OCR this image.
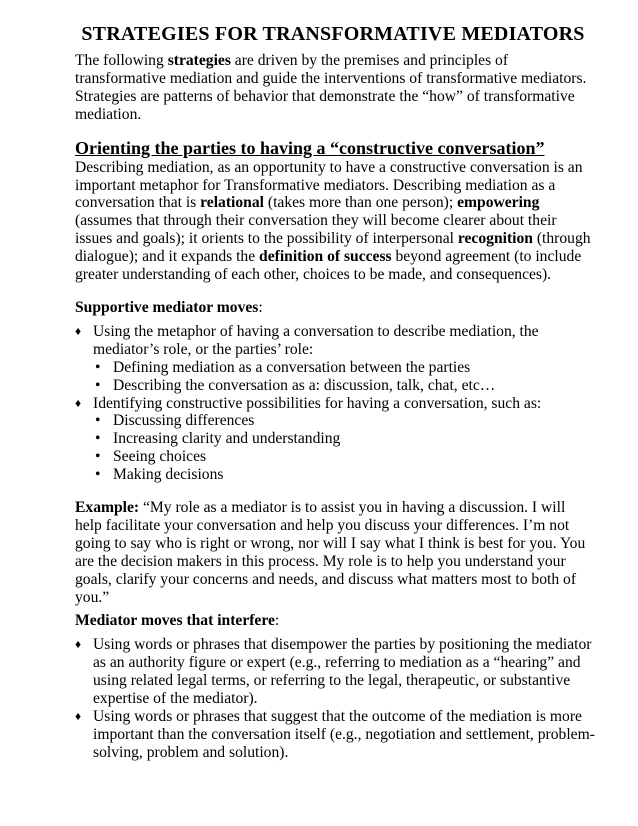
STRATEGIES FOR TRANSFORMATIVE MEDIATORS

The following strategies are driven by the premises and principles of transformative mediation and guide the interventions of transformative mediators. Strategies are patterns of behavior that demonstrate the “how” of transformative mediation.

Orienting the parties to having a “constructive conversation”

Describing mediation, as an opportunity to have a constructive conversation is an important metaphor for Transformative mediators. Describing mediation as a conversation that is relational (takes more than one person); empowering (assumes that through their conversation they will become clearer about their issues and goals); it orients to the possibility of interpersonal recognition (through dialogue); and it expands the definition of success beyond agreement (to include greater understanding of each other, choices to be made, and consequences).

Supportive mediator moves:

♦ Using the metaphor of having a conversation to describe mediation, the mediator’s role, or the parties’ role:
• Defining mediation as a conversation between the parties
• Describing the conversation as a: discussion, talk, chat, etc…
♦ Identifying constructive possibilities for having a conversation, such as:
• Discussing differences
• Increasing clarity and understanding
• Seeing choices
• Making decisions

Example: “My role as a mediator is to assist you in having a discussion. I will help facilitate your conversation and help you discuss your differences. I’m not going to say who is right or wrong, nor will I say what I think is best for you. You are the decision makers in this process. My role is to help you understand your goals, clarify your concerns and needs, and discuss what matters most to both of you.”

Mediator moves that interfere:

♦ Using words or phrases that disempower the parties by positioning the mediator as an authority figure or expert (e.g., referring to mediation as a “hearing” and using related legal terms, or referring to the legal, therapeutic, or substantive expertise of the mediator).
♦ Using words or phrases that suggest that the outcome of the mediation is more important than the conversation itself (e.g., negotiation and settlement, problem-solving, problem and solution).
